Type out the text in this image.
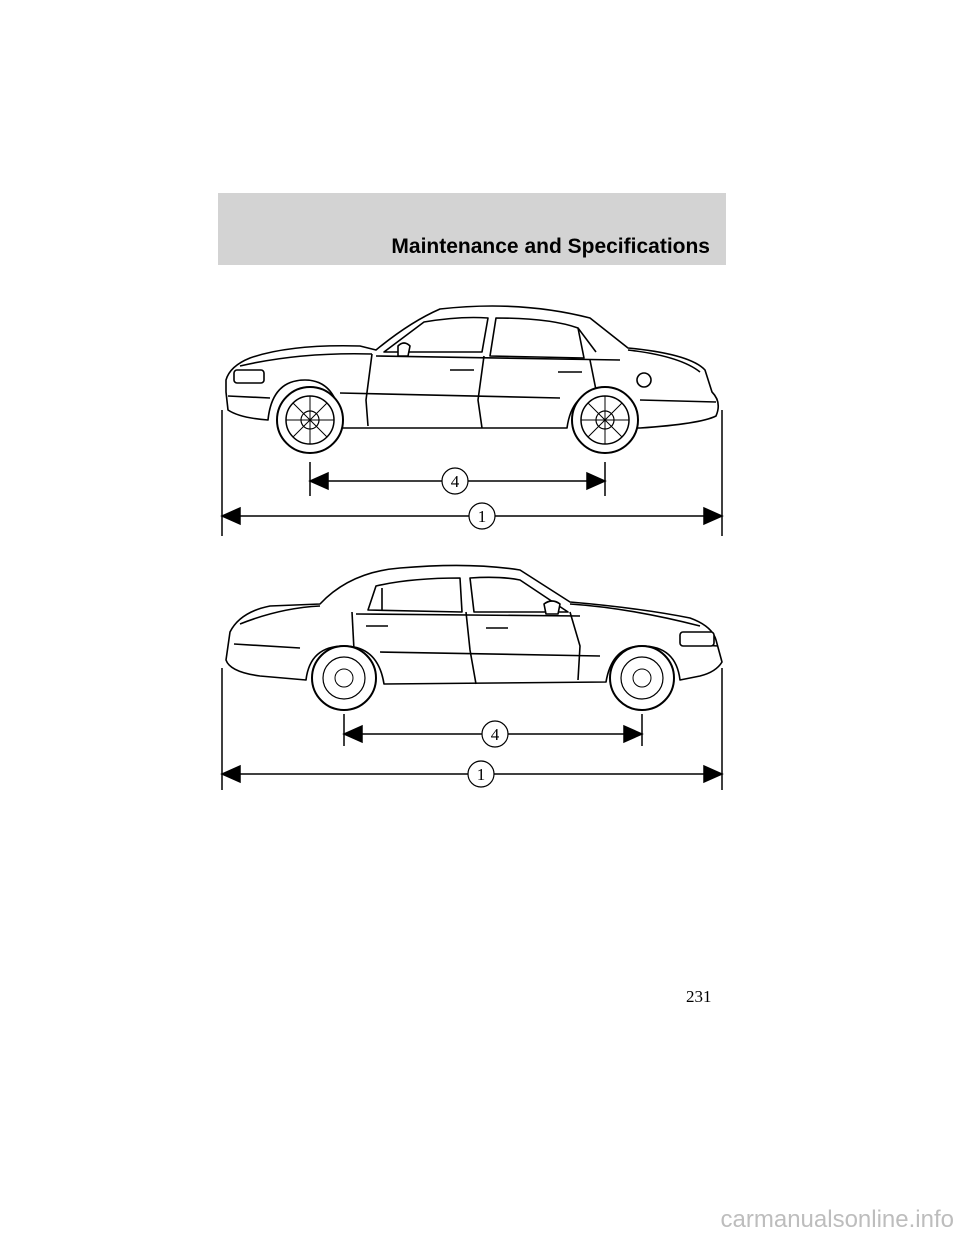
Maintenance and Specifications
4
1
4
1
231
carmanualsonline.info
